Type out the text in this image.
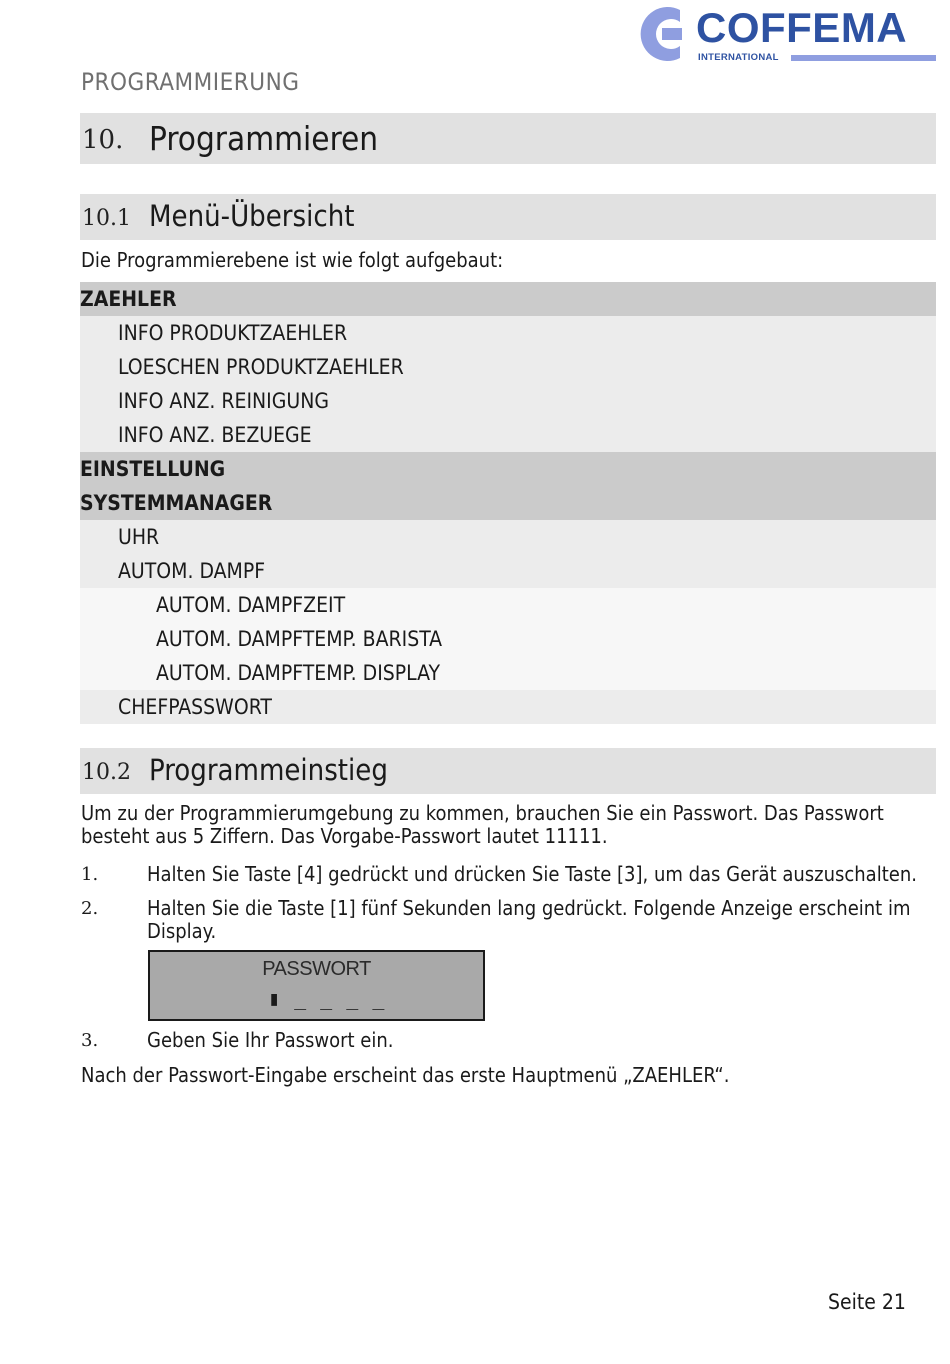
COFFEMA
INTERNATIONAL
PROGRAMMIERUNG
10. Programmieren
10.1 Menü-Übersicht
Die Programmierebene ist wie folgt aufgebaut:
ZAEHLER
INFO PRODUKTZAEHLER
LOESCHEN PRODUKTZAEHLER
INFO ANZ. REINIGUNG
INFO ANZ. BEZUEGE
EINSTELLUNG
SYSTEMMANAGER
UHR
AUTOM. DAMPF
AUTOM. DAMPFZEIT
AUTOM. DAMPFTEMP. BARISTA
AUTOM. DAMPFTEMP. DISPLAY
CHEFPASSWORT
10.2 Programmeinstieg
Um zu der Programmierumgebung zu kommen, brauchen Sie ein Passwort. Das Passwort
besteht aus 5 Ziffern. Das Vorgabe-Passwort lautet 11111.
1. Halten Sie Taste [4] gedrückt und drücken Sie Taste [3], um das Gerät auszuschalten.
2. Halten Sie die Taste [1] fünf Sekunden lang gedrückt. Folgende Anzeige erscheint im
Display.
PASSWORT
▮ _ _ _ _
3. Geben Sie Ihr Passwort ein.
Nach der Passwort-Eingabe erscheint das erste Hauptmenü „ZAEHLER“.
Seite 21
